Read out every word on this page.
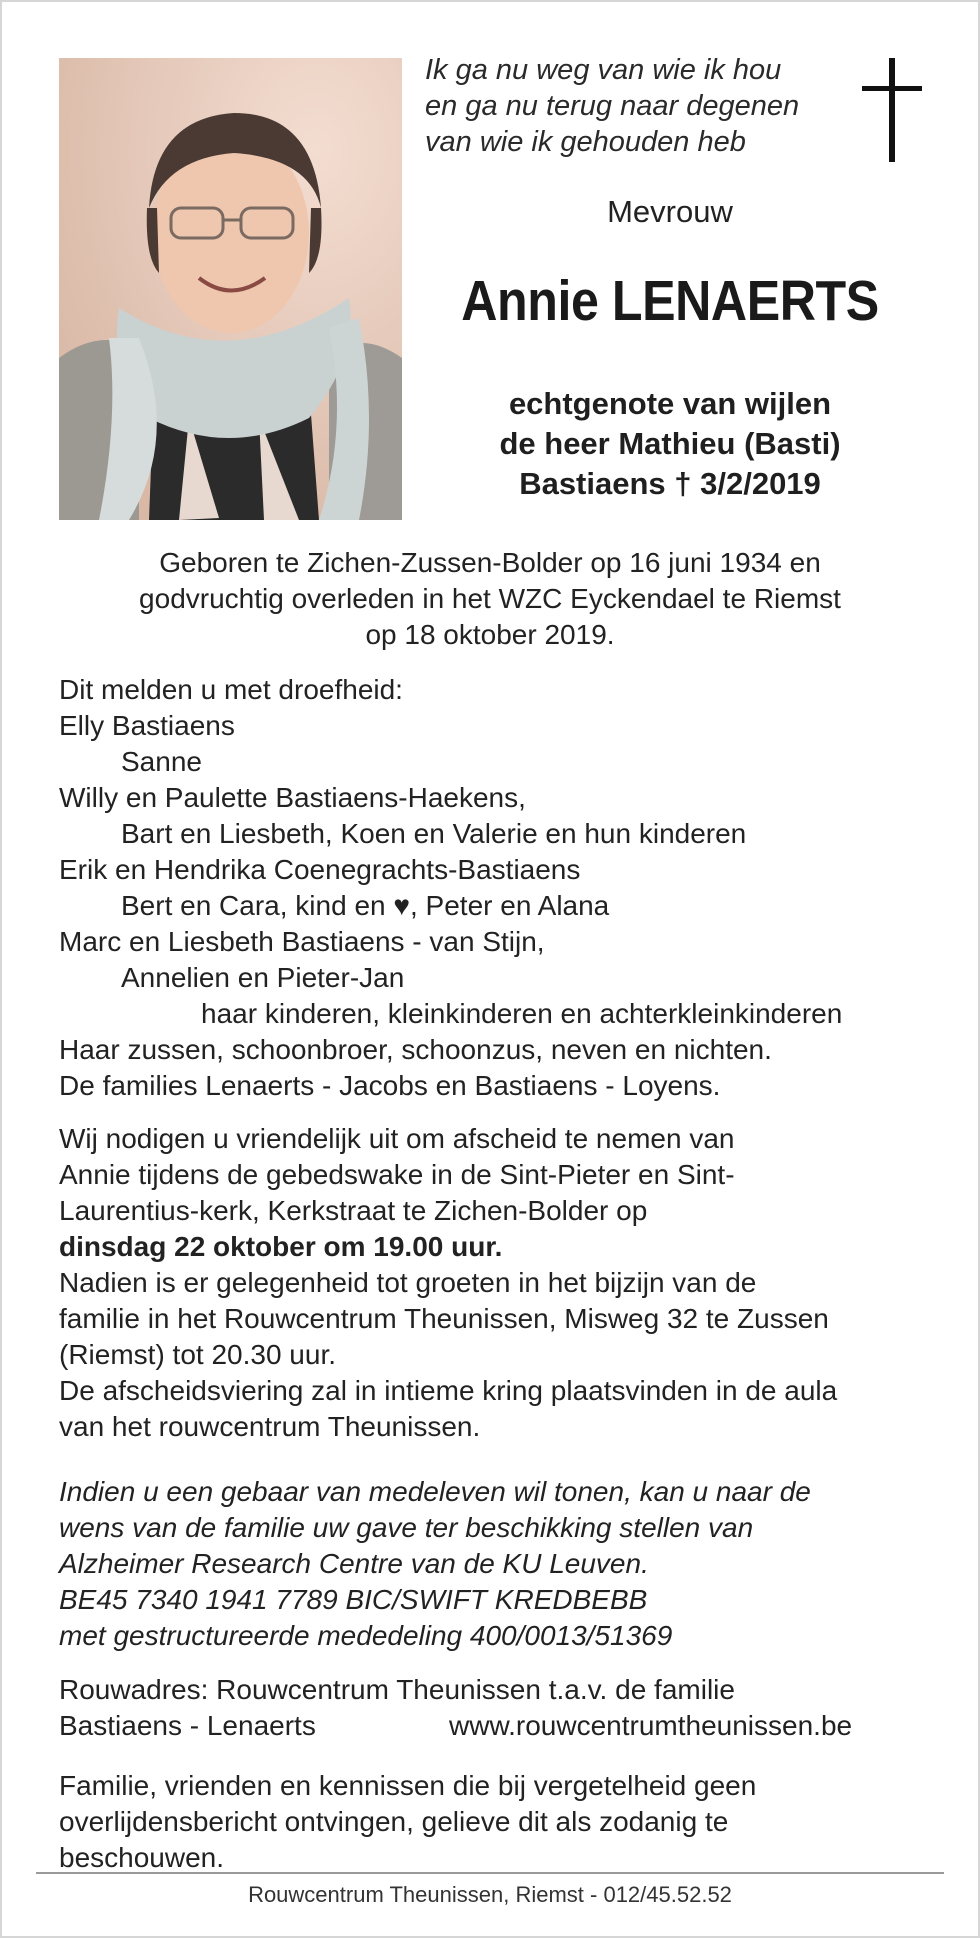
Ik ga nu weg van wie ik hou
en ga nu terug naar degenen
van wie ik gehouden heb
Mevrouw
Annie LENAERTS
echtgenote van wijlen
de heer Mathieu (Basti)
Bastiaens † 3/2/2019
Geboren te Zichen-Zussen-Bolder op 16 juni 1934 en
godvruchtig overleden in het WZC Eyckendael te Riemst
op 18 oktober 2019.
Dit melden u met droefheid:
Elly Bastiaens
Sanne
Willy en Paulette Bastiaens-Haekens,
Bart en Liesbeth, Koen en Valerie en hun kinderen
Erik en Hendrika Coenegrachts-Bastiaens
Bert en Cara, kind en ♥, Peter en Alana
Marc en Liesbeth Bastiaens - van Stijn,
Annelien en Pieter-Jan
haar kinderen, kleinkinderen en achterkleinkinderen
Haar zussen, schoonbroer, schoonzus, neven en nichten.
De families Lenaerts - Jacobs en Bastiaens - Loyens.
Wij nodigen u vriendelijk uit om afscheid te nemen van
Annie tijdens de gebedswake in de Sint-Pieter en Sint-
Laurentius-kerk, Kerkstraat te Zichen-Bolder op
dinsdag 22 oktober om 19.00 uur.
Nadien is er gelegenheid tot groeten in het bijzijn van de
familie in het Rouwcentrum Theunissen, Misweg 32 te Zussen
(Riemst) tot 20.30 uur.
De afscheidsviering zal in intieme kring plaatsvinden in de aula
van het rouwcentrum Theunissen.
Indien u een gebaar van medeleven wil tonen, kan u naar de
wens van de familie uw gave ter beschikking stellen van
Alzheimer Research Centre van de KU Leuven.
BE45 7340 1941 7789 BIC/SWIFT KREDBEBB
met gestructureerde mededeling 400/0013/51369
Rouwadres: Rouwcentrum Theunissen t.a.v. de familie
Bastiaens - Lenaerts	www.rouwcentrumtheunissen.be
Familie, vrienden en kennissen die bij vergetelheid geen
overlijdensbericht ontvingen, gelieve dit als zodanig te
beschouwen.
Rouwcentrum Theunissen, Riemst - 012/45.52.52
